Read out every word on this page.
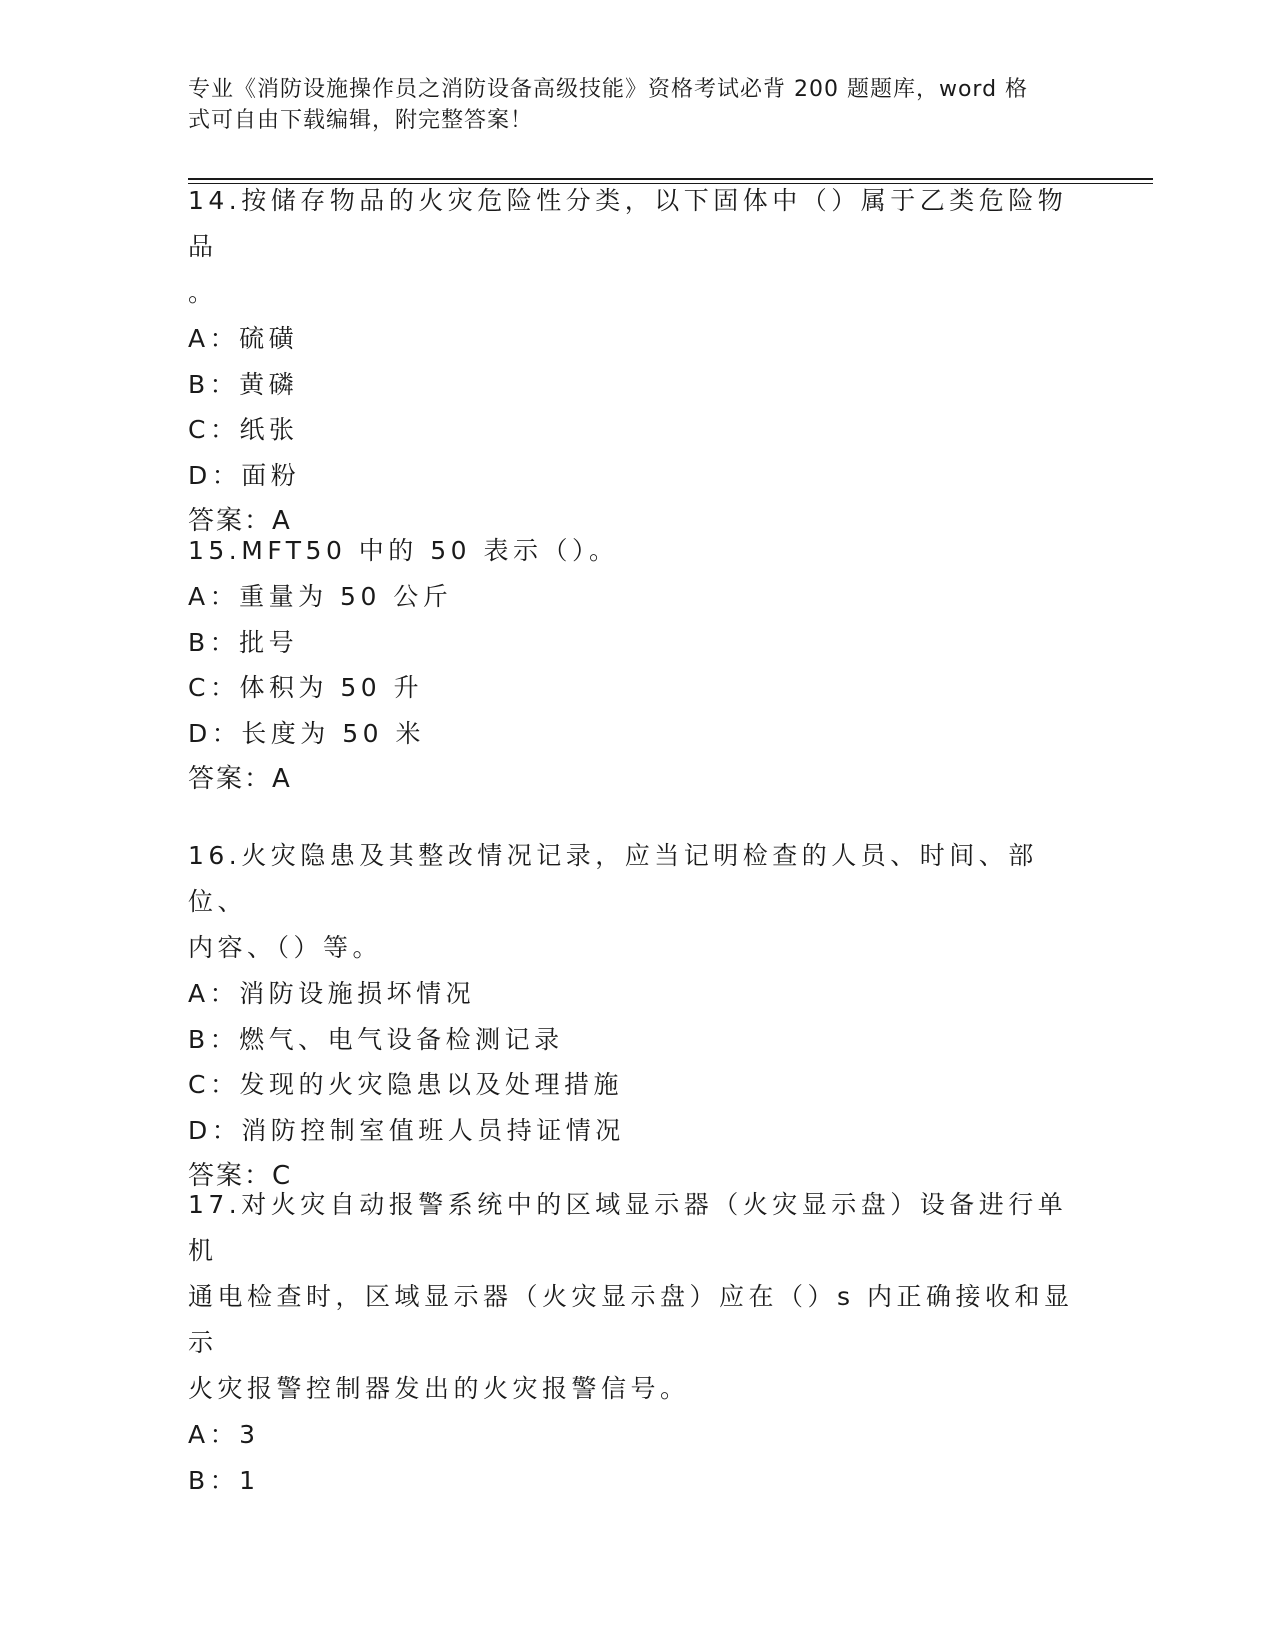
专业《消防设施操作员之消防设备高级技能》资格考试必背 200 题题库，word 格
式可自由下载编辑，附完整答案！

14.按储存物品的火灾危险性分类，以下固体中（）属于乙类危险物品

。

A：硫磺

B：黄磷

C：纸张

D：面粉

答案：A

15.MFT50 中的 50 表示（）。

A：重量为 50 公斤

B：批号

C：体积为 50 升

D：长度为 50 米

答案：A

16.火灾隐患及其整改情况记录，应当记明检查的人员、时间、部位、

内容、（）等。

A：消防设施损坏情况

B：燃气、电气设备检测记录

C：发现的火灾隐患以及处理措施

D：消防控制室值班人员持证情况

答案：C

17.对火灾自动报警系统中的区域显示器（火灾显示盘）设备进行单机

通电检查时，区域显示器（火灾显示盘）应在（）s 内正确接收和显示

火灾报警控制器发出的火灾报警信号。

A：3

B：1
